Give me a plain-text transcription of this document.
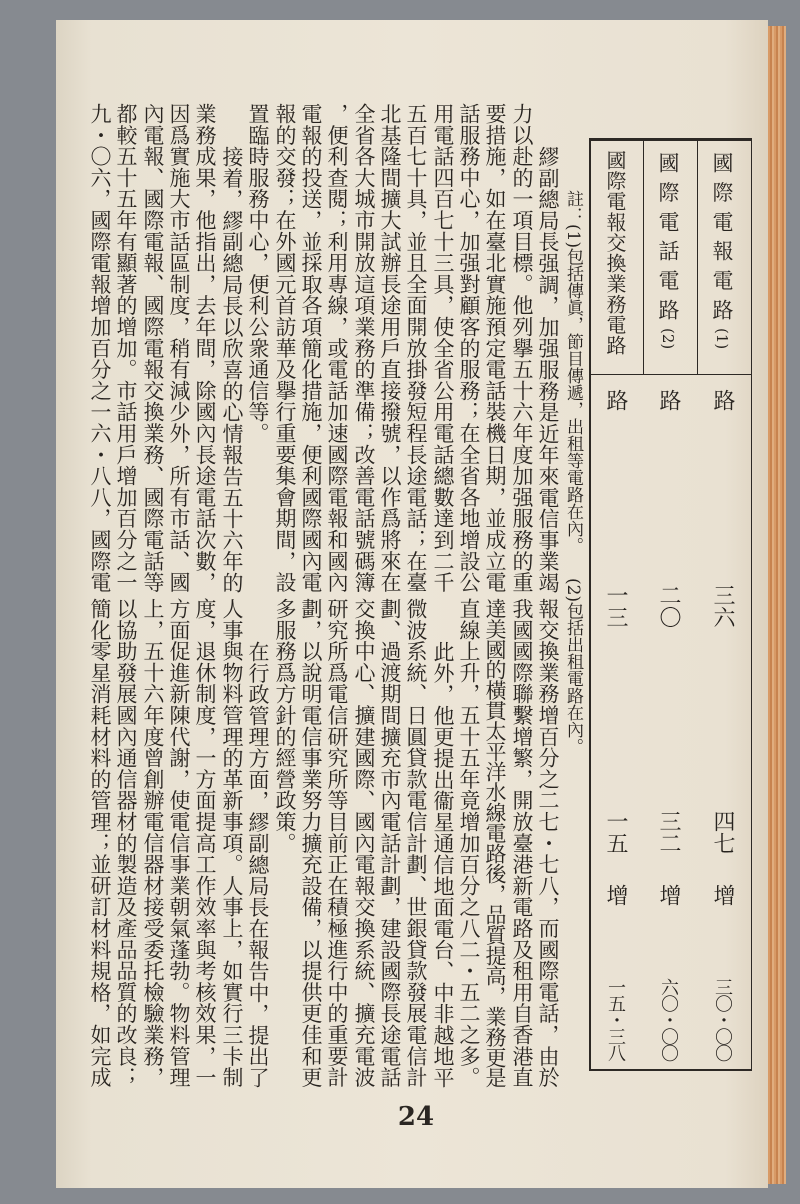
國際電報電路
(1)
路
三六
四七
增
三〇・〇〇
國際電話電路
(2)
路
二〇
三二
增
六〇・〇〇
國際電報交換業務電路
路
一三
一五
增
一五・三八
註：(1)包括傳眞，節目傳遞，出租等電路在內。
(2)包括出租電路在內。
繆副總局長强調，加强服務是近年來電信事業竭
力以赴的一項目標。他列擧五十六年度加强服務的重
要措施，如在臺北實施預定電話裝機日期，並成立電
話服務中心，加强對顧客的服務；在全省各地增設公
用電話四百七十三具，使全省公用電話總數達到二千
五百七十具，並且全面開放掛發短程長途電話；在臺
北基隆間擴大試辦長途用戶直接撥號，以作爲將來在
全省各大城市開放這項業務的準備；改善電話號碼簿
，便利查閱；利用專線，或電話加速國際電報和國內
電報的投送，並採取各項簡化措施，便利國際國內電
報的交發；在外國元首訪華及擧行重要集會期間，設
置臨時服務中心，便利公衆通信等。
接着，繆副總局長以欣喜的心情報告五十六年的
業務成果，他指出，去年間，除國內長途電話次數，
因爲實施大市話區制度，稍有減少外，所有市話、國
內電報、國際電報、國際電報交換業務、國際電話等
都較五十五年有顯著的增加。市話用戶增加百分之一
九・〇六，國際電報增加百分之一六・八八，國際電
報交換業務增百分之二七・七八，而國際電話，由於
我國國際聯繫增繁，開放臺港新電路及租用自香港直
達美國的橫貫太平洋水線電路後，品質提高，業務更是
直線上升，五十五年竟增加百分之八二・五二之多。
此外，他更提出衞星通信地面電台、中非越地平
微波系統、日圓貸款電信計劃、世銀貸款發展電信計
劃、過渡期間擴充市內電話計劃，建設國際長途電話
交換中心、擴建國際、國內電報交換系統、擴充電波
研究所爲電信研究所等目前正在積極進行中的重要計
劃，以說明電信事業努力擴充設備，以提供更佳和更
多服務爲方針的經營政策。
在行政管理方面，繆副總局長在報告中，提出了
人事與物料管理的革新事項。人事上，如實行三卡制
度，退休制度，一方面提高工作效率與考核效果，一
方面促進新陳代謝，使電信事業朝氣蓬勃。物料管理
上，五十六年度曾創辦電信器材接受委托檢驗業務，
以協助發展國內通信器材的製造及產品品質的改良；
簡化零星消耗材料的管理；並研訂材料規格，如完成
24
